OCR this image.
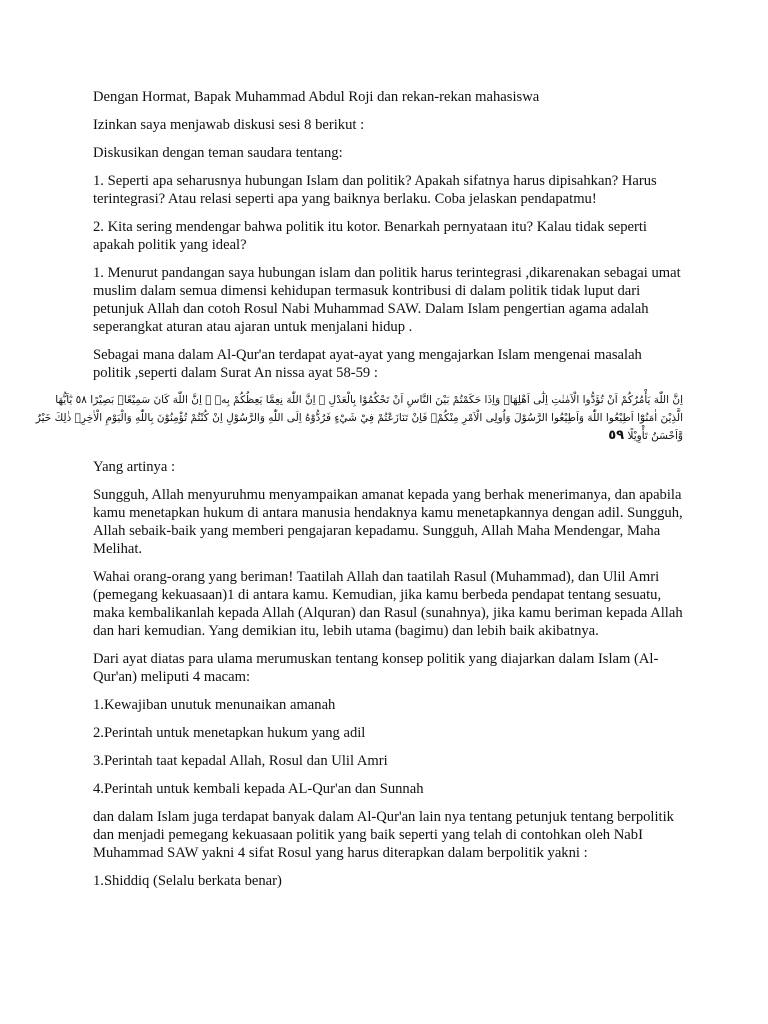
Dengan Hormat, Bapak Muhammad Abdul Roji dan rekan-rekan mahasiswa

Izinkan saya menjawab diskusi sesi 8 berikut :

Diskusikan dengan teman saudara tentang:

1. Seperti apa seharusnya hubungan Islam dan politik? Apakah sifatnya harus dipisahkan? Harus terintegrasi? Atau relasi seperti apa yang baiknya berlaku. Coba jelaskan pendapatmu!

2. Kita sering mendengar bahwa politik itu kotor. Benarkah pernyataan itu? Kalau tidak seperti apakah politik yang ideal?

1. Menurut pandangan saya hubungan islam dan politik harus terintegrasi ,dikarenakan sebagai umat muslim dalam semua dimensi kehidupan termasuk kontribusi di dalam politik tidak luput dari petunjuk Allah dan cotoh Rosul Nabi Muhammad SAW. Dalam Islam pengertian agama adalah seperangkat aturan atau ajaran untuk menjalani hidup .

Sebagai mana dalam Al-Qur'an terdapat ayat-ayat yang mengajarkan Islam mengenai masalah politik ,seperti dalam Surat An nissa ayat 58-59 :

اِنَّ اللّٰهَ يَأْمُرُكُمْ اَنْ تُؤَدُّوا الْاَمٰنٰتِ اِلٰٓى اَهْلِهَاۙ وَاِذَا حَكَمْتُمْ بَيْنَ النَّاسِ اَنْ تَحْكُمُوْا بِالْعَدْلِ ۗ اِنَّ اللّٰهَ نِعِمَّا يَعِظُكُمْ بِهٖ ۗ اِنَّ اللّٰهَ كَانَ سَمِيْعًاۢ بَصِيْرًا ٥٨ يٰٓاَيُّهَا
الَّذِيْنَ اٰمَنُوْٓا اَطِيْعُوا اللّٰهَ وَاَطِيْعُوا الرَّسُوْلَ وَاُولِى الْاَمْرِ مِنْكُمْۚ فَاِنْ تَنَازَعْتُمْ فِيْ شَيْءٍ فَرُدُّوْهُ اِلَى اللّٰهِ وَالرَّسُوْلِ اِنْ كُنْتُمْ تُؤْمِنُوْنَ بِاللّٰهِ وَالْيَوْمِ الْاٰخِرِۗ ذٰلِكَ خَيْرٌ
وَّاَحْسَنُ تَأْوِيْلًا ٥٩

Yang artinya :

Sungguh, Allah menyuruhmu menyampaikan amanat kepada yang berhak menerimanya, dan apabila kamu menetapkan hukum di antara manusia hendaknya kamu menetapkannya dengan adil. Sungguh, Allah sebaik-baik yang memberi pengajaran kepadamu. Sungguh, Allah Maha Mendengar, Maha Melihat.

Wahai orang-orang yang beriman! Taatilah Allah dan taatilah Rasul (Muhammad), dan Ulil Amri (pemegang kekuasaan)1 di antara kamu. Kemudian, jika kamu berbeda pendapat tentang sesuatu, maka kembalikanlah kepada Allah (Alquran) dan Rasul (sunahnya), jika kamu beriman kepada Allah dan hari kemudian. Yang demikian itu, lebih utama (bagimu) dan lebih baik akibatnya.

Dari ayat diatas para ulama merumuskan tentang konsep politik yang diajarkan dalam Islam (Al- Qur'an) meliputi 4 macam:

1.Kewajiban unutuk menunaikan amanah

2.Perintah untuk menetapkan hukum yang adil

3.Perintah taat kepadal Allah, Rosul dan Ulil Amri

4.Perintah untuk kembali kepada AL-Qur'an dan Sunnah

dan dalam Islam juga terdapat banyak dalam Al-Qur'an lain nya tentang petunjuk tentang berpolitik dan menjadi pemegang kekuasaan politik yang baik seperti yang telah di contohkan oleh NabI Muhammad SAW yakni 4 sifat Rosul yang harus diterapkan dalam berpolitik yakni :

1.Shiddiq (Selalu berkata benar)
